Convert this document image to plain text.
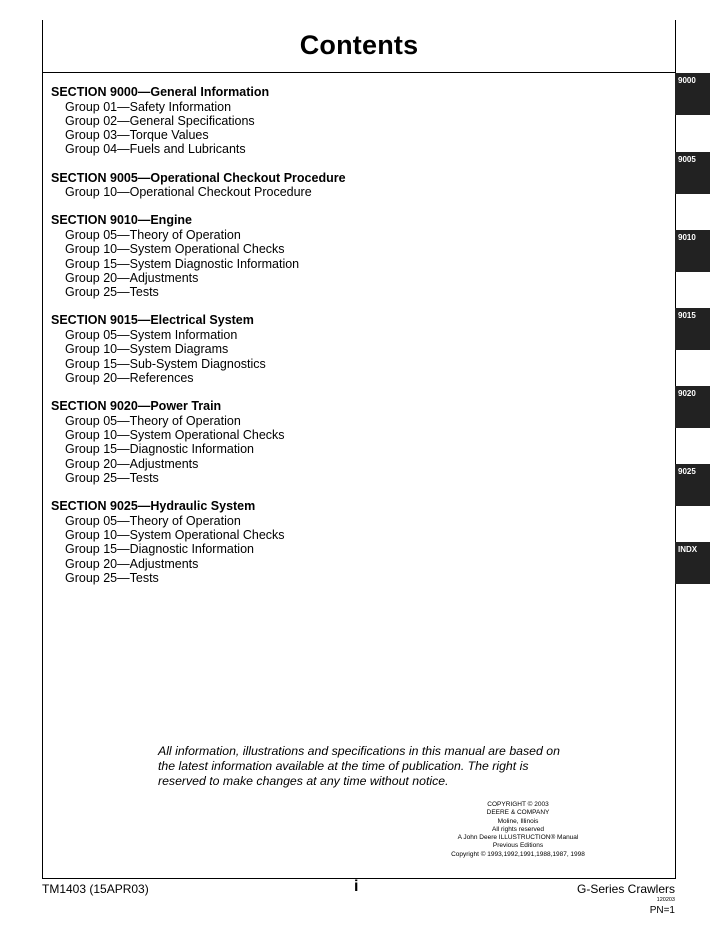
Contents
SECTION 9000—General Information
Group 01—Safety Information
Group 02—General Specifications
Group 03—Torque Values
Group 04—Fuels and Lubricants
SECTION 9005—Operational Checkout Procedure
Group 10—Operational Checkout Procedure
SECTION 9010—Engine
Group 05—Theory of Operation
Group 10—System Operational Checks
Group 15—System Diagnostic Information
Group 20—Adjustments
Group 25—Tests
SECTION 9015—Electrical System
Group 05—System Information
Group 10—System Diagrams
Group 15—Sub-System Diagnostics
Group 20—References
SECTION 9020—Power Train
Group 05—Theory of Operation
Group 10—System Operational Checks
Group 15—Diagnostic Information
Group 20—Adjustments
Group 25—Tests
SECTION 9025—Hydraulic System
Group 05—Theory of Operation
Group 10—System Operational Checks
Group 15—Diagnostic Information
Group 20—Adjustments
Group 25—Tests
9000
9005
9010
9015
9020
9025
INDX
All information, illustrations and specifications in this manual are based on the latest information available at the time of publication. The right is reserved to make changes at any time without notice.
COPYRIGHT © 2003
DEERE & COMPANY
Moline, Illinois
All rights reserved
A John Deere ILLUSTRUCTION® Manual
Previous Editions
Copyright © 1993,1992,1991,1988,1987, 1998
TM1403 (15APR03)	i	G-Series Crawlers
120203
PN=1
